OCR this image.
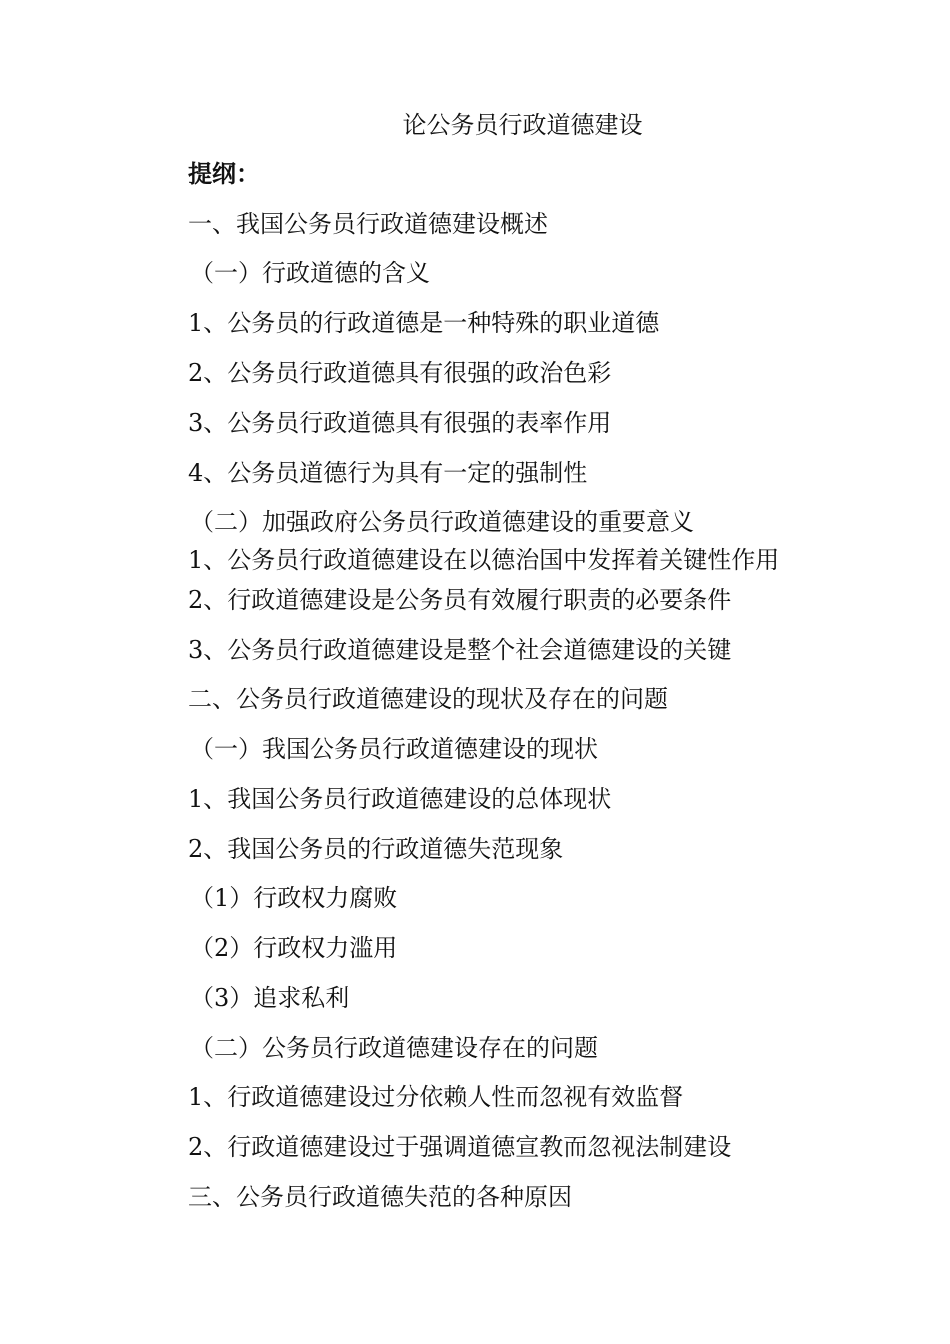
论公务员行政道德建设
提纲：
一、我国公务员行政道德建设概述
（一）行政道德的含义
1、公务员的行政道德是一种特殊的职业道德
2、公务员行政道德具有很强的政治色彩
3、公务员行政道德具有很强的表率作用
4、公务员道德行为具有一定的强制性
（二）加强政府公务员行政道德建设的重要意义
1、公务员行政道德建设在以德治国中发挥着关键性作用
2、行政道德建设是公务员有效履行职责的必要条件
3、公务员行政道德建设是整个社会道德建设的关键
二、公务员行政道德建设的现状及存在的问题
（一）我国公务员行政道德建设的现状
1、我国公务员行政道德建设的总体现状
2、我国公务员的行政道德失范现象
（1）行政权力腐败
（2）行政权力滥用
（3）追求私利
（二）公务员行政道德建设存在的问题
1、行政道德建设过分依赖人性而忽视有效监督
2、行政道德建设过于强调道德宣教而忽视法制建设
三、公务员行政道德失范的各种原因
